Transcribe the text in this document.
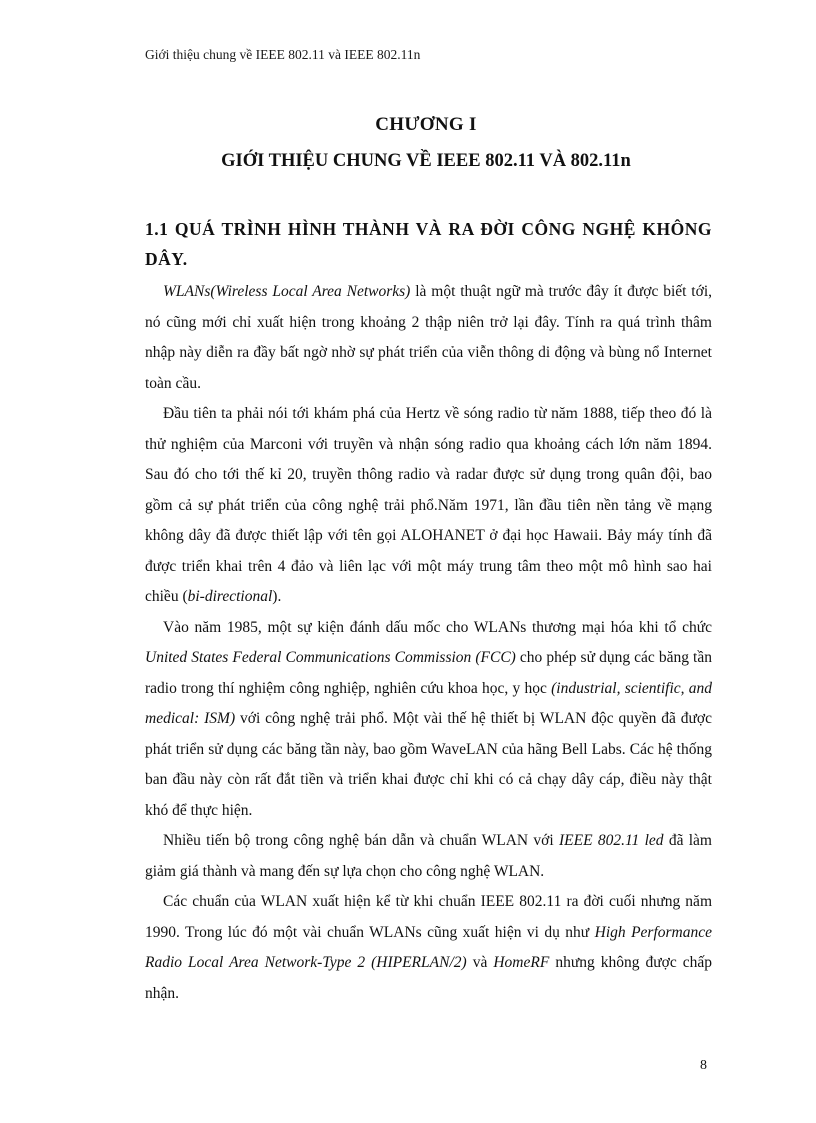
Giới thiệu chung về IEEE 802.11 và IEEE 802.11n
CHƯƠNG I
GIỚI THIỆU CHUNG VỀ IEEE 802.11 VÀ 802.11n
1.1 QUÁ TRÌNH HÌNH THÀNH VÀ RA ĐỜI CÔNG NGHỆ KHÔNG DÂY.

WLANs(Wireless Local Area Networks) là một thuật ngữ mà trước đây ít được biết tới, nó cũng mới chỉ xuất hiện trong khoảng 2 thập niên trở lại đây. Tính ra quá trình thâm nhập này diễn ra đầy bất ngờ nhờ sự phát triển của viễn thông di động và bùng nổ Internet toàn cầu.

Đầu tiên ta phải nói tới khám phá của Hertz về sóng radio từ năm 1888, tiếp theo đó là thử nghiệm của Marconi với truyền và nhận sóng radio qua khoảng cách lớn năm 1894. Sau đó cho tới thế kỉ 20, truyền thông radio và radar được sử dụng trong quân đội, bao gồm cả sự phát triển của công nghệ trải phổ.Năm 1971, lần đầu tiên nền tảng về mạng không dây đã được thiết lập với tên gọi ALOHANET ở đại học Hawaii. Bảy máy tính đã được triển khai trên 4 đảo và liên lạc với một máy trung tâm theo một mô hình sao hai chiều (bi-directional).

Vào năm 1985, một sự kiện đánh dấu mốc cho WLANs thương mại hóa khi tổ chức United States Federal Communications Commission (FCC) cho phép sử dụng các băng tần radio trong thí nghiệm công nghiệp, nghiên cứu khoa học, y học (industrial, scientific, and medical: ISM) với công nghệ trải phổ. Một vài thế hệ thiết bị WLAN độc quyền đã được phát triển sử dụng các băng tần này, bao gồm WaveLAN của hãng Bell Labs. Các hệ thống ban đầu này còn rất đắt tiền và triển khai được chỉ khi có cả chạy dây cáp, điều này thật khó để thực hiện.

Nhiều tiến bộ trong công nghệ bán dẫn và chuẩn WLAN với IEEE 802.11 led đã làm giảm giá thành và mang đến sự lựa chọn cho công nghệ WLAN.

Các chuẩn của WLAN xuất hiện kể từ khi chuẩn IEEE 802.11 ra đời cuối nhưng năm 1990. Trong lúc đó một vài chuẩn WLANs cũng xuất hiện vi dụ như High Performance Radio Local Area Network-Type 2 (HIPERLAN/2) và HomeRF nhưng không được chấp nhận.

8
